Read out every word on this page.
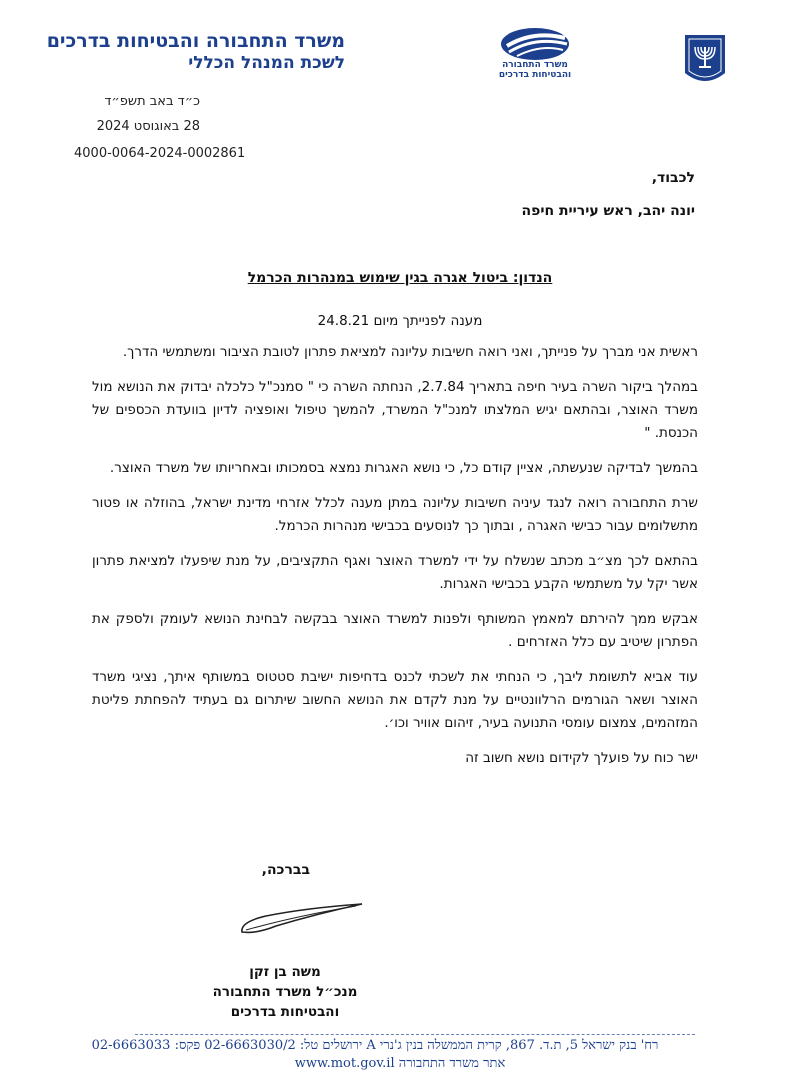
משרד התחבורה והבטיחות בדרכים
לשכת המנהל הכללי	משרד התחבורה
והבטיחות בדרכים
כ״ד באב תשפ״ד
28 באוגוסט 2024
4000-0064-2024-0002861
לכבוד,
יונה יהב, ראש עיריית חיפה
הנדון: ביטול אגרה בגין שימוש במנהרות הכרמל
מענה לפנייתך מיום 24.8.21

ראשית אני מברך על פנייתך, ואני רואה חשיבות עליונה למציאת פתרון לטובת הציבור ומשתמשי הדרך.

במהלך ביקור השרה בעיר חיפה בתאריך 2.7.84, הנחתה השרה כי " סמנכ"ל כלכלה יבדוק את הנושא מול משרד האוצר, ובהתאם יגיש המלצתו למנכ"ל המשרד, להמשך טיפול ואופציה לדיון בוועדת הכספים של הכנסת. "

בהמשך לבדיקה שנעשתה, אציין קודם כל, כי נושא האגרות נמצא בסמכותו ובאחריותו של משרד האוצר.

שרת התחבורה רואה לנגד עיניה חשיבות עליונה במתן מענה לכלל אזרחי מדינת ישראל, בהוזלה או פטור מתשלומים עבור כבישי האגרה , ובתוך כך לנוסעים בכבישי מנהרות הכרמל.

בהתאם לכך מצ״ב מכתב שנשלח על ידי למשרד האוצר ואגף התקציבים, על מנת שיפעלו למציאת פתרון אשר יקל על משתמשי הקבע בכבישי האגרות.

אבקש ממך להירתם למאמץ המשותף ולפנות למשרד האוצר בבקשה לבחינת הנושא לעומק ולספק את הפתרון שיטיב עם כלל האזרחים .

עוד אביא לתשומת ליבך, כי הנחתי את לשכתי לכנס בדחיפות ישיבת סטטוס במשותף איתך, נציגי משרד האוצר ושאר הגורמים הרלוונטיים על מנת לקדם את הנושא החשוב שיתרום גם בעתיד להפחתת פליטת המזהמים, צמצום עומסי התנועה בעיר, זיהום אוויר וכו׳.

ישר כוח על פועלך לקידום נושא חשוב זה

בברכה,
משה בן זקן
מנכ״ל משרד התחבורה
והבטיחות בדרכים
רח' בנק ישראל 5, ת.ד. 867, קרית הממשלה בנין ג'נרי A ירושלים טל: 02-6663030/2 פקס: 02-6663033
אתר משרד התחבורה www.mot.gov.il
